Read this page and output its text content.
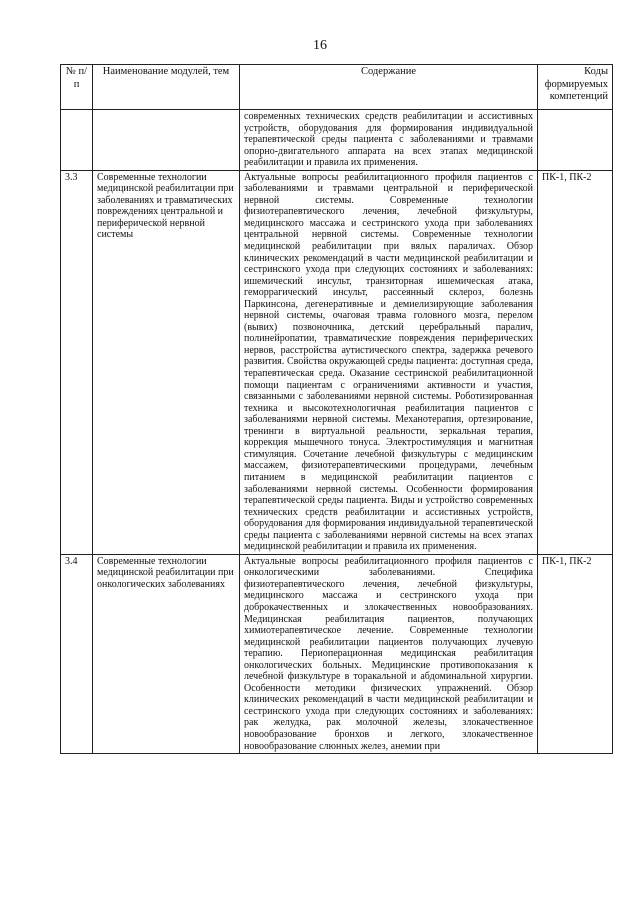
16
№ п/п	Наименование модулей, тем	Содержание	Коды формируемых компетенций
		современных технических средств реабилитации и ассистивных устройств, оборудования для формирования индивидуальной терапевтической среды пациента с заболеваниями и травмами опорно-двигательного аппарата на всех этапах медицинской реабилитации и правила их применения.	
3.3	Современные технологии медицинской реабилитации при заболеваниях и травматических повреждениях центральной и периферической нервной системы	Актуальные вопросы реабилитационного профиля пациентов с заболеваниями и травмами центральной и периферической нервной системы. Современные технологии физиотерапевтического лечения, лечебной физкультуры, медицинского массажа и сестринского ухода при заболеваниях центральной нервной системы. Современные технологии медицинской реабилитации при вялых параличах. Обзор клинических рекомендаций в части медицинской реабилитации и сестринского ухода при следующих состояниях и заболеваниях: ишемический инсульт, транзиторная ишемическая атака, геморрагический инсульт, рассеянный склероз, болезнь Паркинсона, дегенеративные и демиелизирующие заболевания нервной системы, очаговая травма головного мозга, перелом (вывих) позвоночника, детский церебральный паралич, полинейропатии, травматические повреждения периферических нервов, расстройства аутистического спектра, задержка речевого развития. Свойства окружающей среды пациента: доступная среда, терапевтическая среда. Оказание сестринской реабилитационной помощи пациентам с ограничениями активности и участия, связанными с заболеваниями нервной системы. Роботизированная техника и высокотехнологичная реабилитация пациентов с заболеваниями нервной системы. Механотерапия, ортезирование, тренинги в виртуальной реальности, зеркальная терапия, коррекция мышечного тонуса. Электростимуляция и магнитная стимуляция. Сочетание лечебной физкультуры с медицинским массажем, физиотерапевтическими процедурами, лечебным питанием в медицинской реабилитации пациентов с заболеваниями нервной системы. Особенности формирования терапевтической среды пациента. Виды и устройство современных технических средств реабилитации и ассистивных устройств, оборудования для формирования индивидуальной терапевтической среды пациента с заболеваниями нервной системы на всех этапах медицинской реабилитации и правила их применения.	ПК-1, ПК-2
3.4	Современные технологии медицинской реабилитации при онкологических заболеваниях	Актуальные вопросы реабилитационного профиля пациентов с онкологическими заболеваниями. Специфика физиотерапевтического лечения, лечебной физкультуры, медицинского массажа и сестринского ухода при доброкачественных и злокачественных новообразованиях. Медицинская реабилитация пациентов, получающих химиотерапевтическое лечение. Современные технологии медицинской реабилитации пациентов получающих лучевую терапию. Периоперационная медицинская реабилитация онкологических больных. Медицинские противопоказания к лечебной физкультуре в торакальной и абдоминальной хирургии. Особенности методики физических упражнений. Обзор клинических рекомендаций в части медицинской реабилитации и сестринского ухода при следующих состояниях и заболеваниях: рак желудка, рак молочной железы, злокачественное новообразование бронхов и легкого, злокачественное новообразование слюнных желез, анемии при	ПК-1, ПК-2
